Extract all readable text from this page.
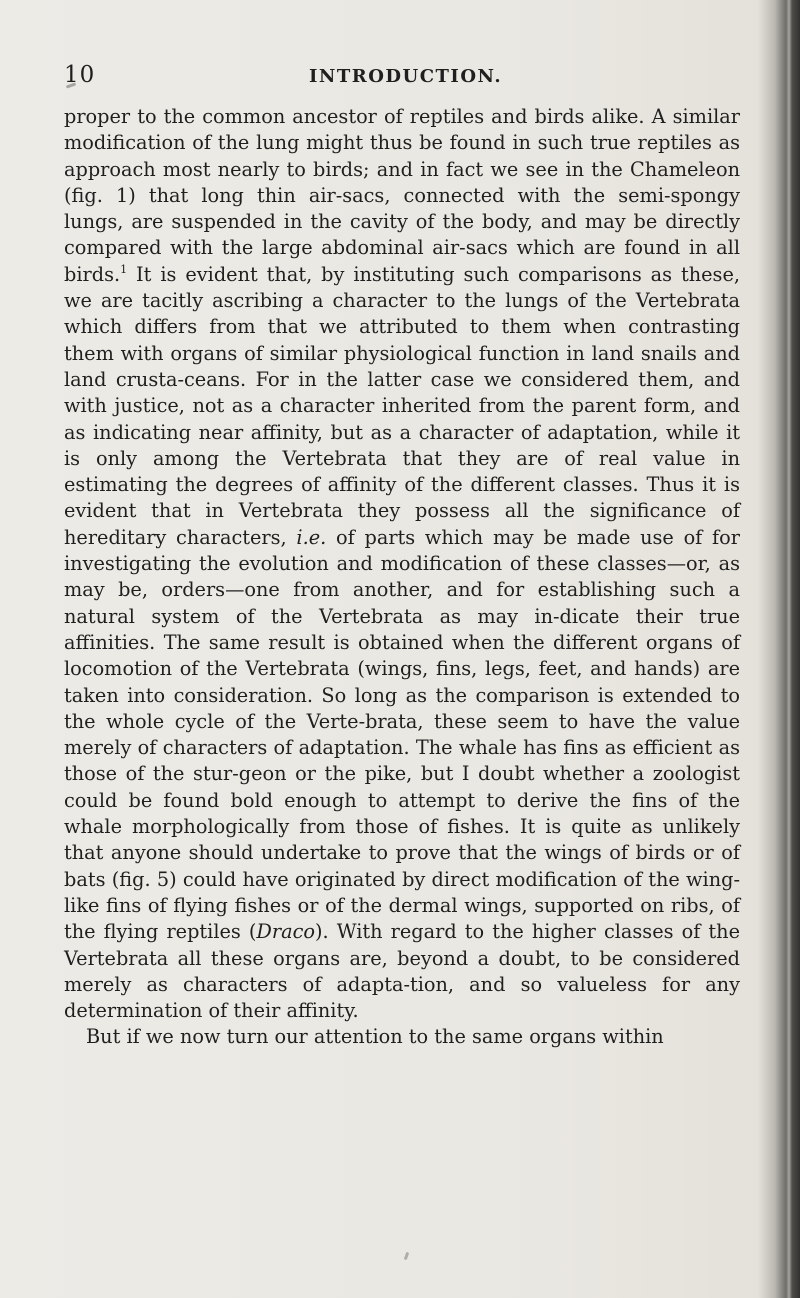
10	INTRODUCTION.

proper to the common ancestor of reptiles and birds alike. A similar modification of the lung might thus be found in such true reptiles as approach most nearly to birds; and in fact we see in the Chameleon (fig. 1) that long thin air-sacs, connected with the semi-spongy lungs, are suspended in the cavity of the body, and may be directly compared with the large abdominal air-sacs which are found in all birds.$^1$ It is evident that, by instituting such comparisons as these, we are tacitly ascribing a character to the lungs of the Vertebrata which differs from that we attributed to them when contrasting them with organs of similar physiological function in land snails and land crusta-ceans. For in the latter case we considered them, and with justice, not as a character inherited from the parent form, and as indicating near affinity, but as a character of adaptation, while it is only among the Vertebrata that they are of real value in estimating the degrees of affinity of the different classes. Thus it is evident that in Vertebrata they possess all the significance of hereditary characters, i.e. of parts which may be made use of for investigating the evolution and modification of these classes—or, as may be, orders—one from another, and for establishing such a natural system of the Vertebrata as may in-dicate their true affinities. The same result is obtained when the different organs of locomotion of the Vertebrata (wings, fins, legs, feet, and hands) are taken into consideration. So long as the comparison is extended to the whole cycle of the Verte-brata, these seem to have the value merely of characters of adaptation. The whale has fins as efficient as those of the stur-geon or the pike, but I doubt whether a zoologist could be found bold enough to attempt to derive the fins of the whale morphologically from those of fishes. It is quite as unlikely that anyone should undertake to prove that the wings of birds or of bats (fig. 5) could have originated by direct modification of the wing-like fins of flying fishes or of the dermal wings, supported on ribs, of the flying reptiles (Draco). With regard to the higher classes of the Vertebrata all these organs are, beyond a doubt, to be considered merely as characters of adapta-tion, and so valueless for any determination of their affinity.
But if we now turn our attention to the same organs within
